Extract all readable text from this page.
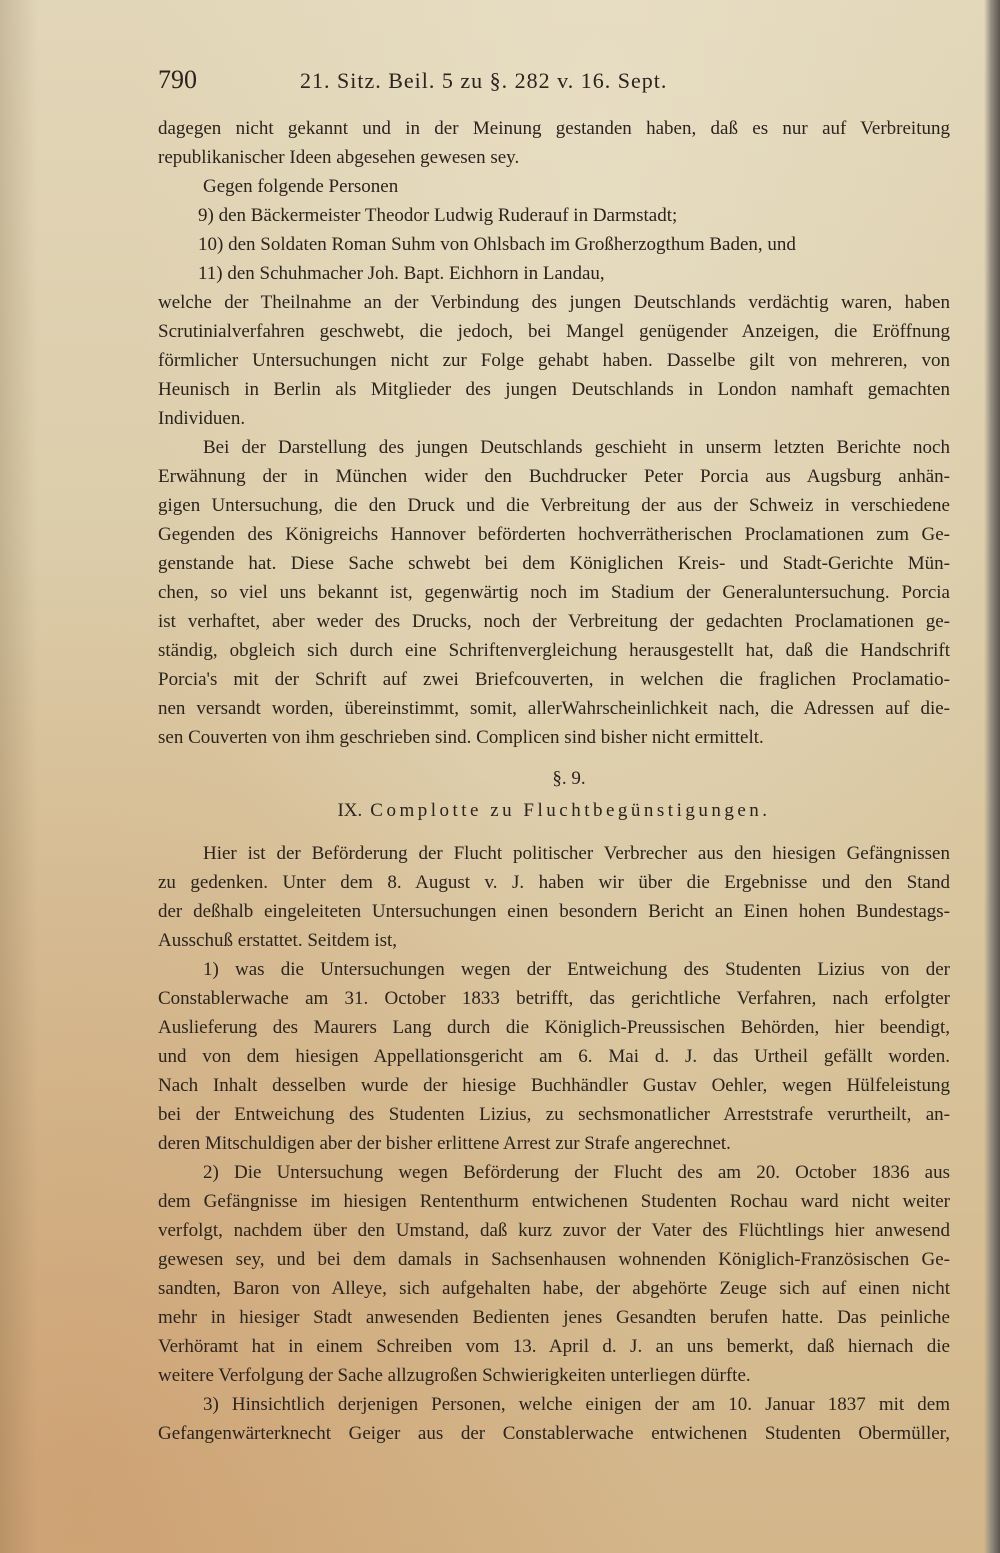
790	21. Sitz. Beil. 5 zu §. 282 v. 16. Sept.
dagegen nicht gekannt und in der Meinung gestanden haben, daß es nur auf Verbreitung
republikanischer Ideen abgesehen gewesen sey.
Gegen folgende Personen
9) den Bäckermeister Theodor Ludwig Ruderauf in Darmstadt;
10) den Soldaten Roman Suhm von Ohlsbach im Großherzogthum Baden, und
11) den Schuhmacher Joh. Bapt. Eichhorn in Landau,
welche der Theilnahme an der Verbindung des jungen Deutschlands verdächtig waren, haben
Scrutinialverfahren geschwebt, die jedoch, bei Mangel genügender Anzeigen, die Eröffnung
förmlicher Untersuchungen nicht zur Folge gehabt haben. Dasselbe gilt von mehreren, von
Heunisch in Berlin als Mitglieder des jungen Deutschlands in London namhaft gemachten
Individuen.
Bei der Darstellung des jungen Deutschlands geschieht in unserm letzten Berichte noch
Erwähnung der in München wider den Buchdrucker Peter Porcia aus Augsburg anhän-
gigen Untersuchung, die den Druck und die Verbreitung der aus der Schweiz in verschiedene
Gegenden des Königreichs Hannover beförderten hochverrätherischen Proclamationen zum Ge-
genstande hat. Diese Sache schwebt bei dem Königlichen Kreis- und Stadt-Gerichte Mün-
chen, so viel uns bekannt ist, gegenwärtig noch im Stadium der Generaluntersuchung. Porcia
ist verhaftet, aber weder des Drucks, noch der Verbreitung der gedachten Proclamationen ge-
ständig, obgleich sich durch eine Schriftenvergleichung herausgestellt hat, daß die Handschrift
Porcia's mit der Schrift auf zwei Briefcouverten, in welchen die fraglichen Proclamatio-
nen versandt worden, übereinstimmt, somit, allerWahrscheinlichkeit nach, die Adressen auf die-
sen Couverten von ihm geschrieben sind. Complicen sind bisher nicht ermittelt.
§. 9.
IX. Complotte zu Fluchtbegünstigungen.
Hier ist der Beförderung der Flucht politischer Verbrecher aus den hiesigen Gefängnissen
zu gedenken. Unter dem 8. August v. J. haben wir über die Ergebnisse und den Stand
der deßhalb eingeleiteten Untersuchungen einen besondern Bericht an Einen hohen Bundestags-
Ausschuß erstattet. Seitdem ist,
1) was die Untersuchungen wegen der Entweichung des Studenten Lizius von der
Constablerwache am 31. October 1833 betrifft, das gerichtliche Verfahren, nach erfolgter
Auslieferung des Maurers Lang durch die Königlich-Preussischen Behörden, hier beendigt,
und von dem hiesigen Appellationsgericht am 6. Mai d. J. das Urtheil gefällt worden.
Nach Inhalt desselben wurde der hiesige Buchhändler Gustav Oehler, wegen Hülfeleistung
bei der Entweichung des Studenten Lizius, zu sechsmonatlicher Arreststrafe verurtheilt, an-
deren Mitschuldigen aber der bisher erlittene Arrest zur Strafe angerechnet.
2) Die Untersuchung wegen Beförderung der Flucht des am 20. October 1836 aus
dem Gefängnisse im hiesigen Rententhurm entwichenen Studenten Rochau ward nicht weiter
verfolgt, nachdem über den Umstand, daß kurz zuvor der Vater des Flüchtlings hier anwesend
gewesen sey, und bei dem damals in Sachsenhausen wohnenden Königlich-Französischen Ge-
sandten, Baron von Alleye, sich aufgehalten habe, der abgehörte Zeuge sich auf einen nicht
mehr in hiesiger Stadt anwesenden Bedienten jenes Gesandten berufen hatte. Das peinliche
Verhöramt hat in einem Schreiben vom 13. April d. J. an uns bemerkt, daß hiernach die
weitere Verfolgung der Sache allzugroßen Schwierigkeiten unterliegen dürfte.
3) Hinsichtlich derjenigen Personen, welche einigen der am 10. Januar 1837 mit dem
Gefangenwärterknecht Geiger aus der Constablerwache entwichenen Studenten Obermüller,
